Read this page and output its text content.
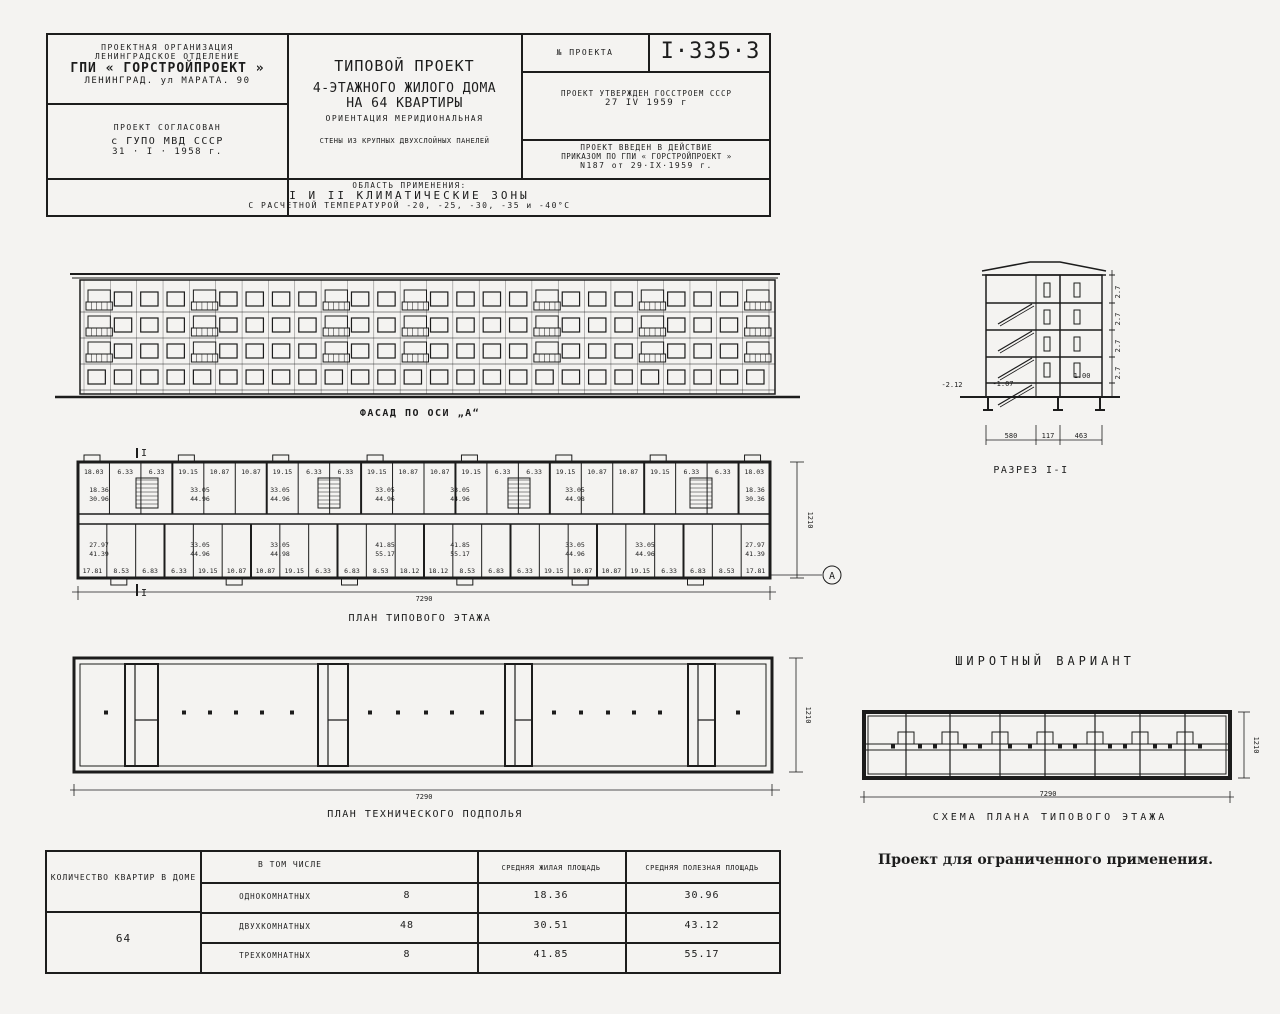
ПРОЕКТНАЯ ОРГАНИЗАЦИЯ
ЛЕНИНГРАДСКОЕ ОТДЕЛЕНИЕ
ГПИ « ГОРСТРОЙПРОЕКТ »
ЛЕНИНГРАД. ул МАРАТА. 90
ПРОЕКТ СОГЛАСОВАН
с ГУПО МВД СССР
31 · I · 1958 г.
ТИПОВОЙ ПРОЕКТ
4-ЭТАЖНОГО ЖИЛОГО ДОМА
НА 64 КВАРТИРЫ
ОРИЕНТАЦИЯ МЕРИДИОНАЛЬНАЯ
СТЕНЫ ИЗ КРУПНЫХ ДВУХСЛОЙНЫХ ПАНЕЛЕЙ
№ ПРОЕКТА	I·335·3
ПРОЕКТ УТВЕРЖДЕН ГОССТРОЕМ СССР
27 IV 1959 г
ПРОЕКТ ВВЕДЕН В ДЕЙСТВИЕ
ПРИКАЗОМ ПО ГПИ « ГОРСТРОЙПРОЕКТ »
N187 от 29·IX·1959 г.
ОБЛАСТЬ ПРИМЕНЕНИЯ:
I И II КЛИМАТИЧЕСКИЕ ЗОНЫ
С РАСЧЕТНОЙ ТЕМПЕРАТУРОЙ -20, -25, -30, -35 и -40°С
ФАСАД ПО ОСИ „А“
2.7
2.7
2.7
2.7
-1.07
1.00
-2.12
580	117	463
РАЗРЕЗ I-I
18.03 6.33 6.33 19.15 10.87 10.87 19.15 6.33 6.33 19.15 10.87 10.87 19.15 6.33 6.33 19.15 10.87 10.87 19.15 6.33 6.33 18.03
17.81 8.53 6.83 6.33 19.15 10.87 10.87 19.15 6.33 6.83 8.53 18.12 18.12 8.53 6.83 6.33 19.15 10.87 10.87 19.15 6.33 6.83 8.53 17.81
18.36
30.96
33.05
44.96
33.05
44.96
33.05
44.96
33.05
44.96
33.05
44.98
18.36
30.36
27.97
41.39
33.05
44.96
33.05
44.98
41.85
55.17
41.85
55.17
33.05
44.96
33.05
44.96
27.97
41.39
7290
1210
А
I
I
ПЛАН ТИПОВОГО ЭТАЖА
7290
1210
ПЛАН ТЕХНИЧЕСКОГО ПОДПОЛЬЯ
ШИРОТНЫЙ ВАРИАНТ
7290
1210
СХЕМА ПЛАНА ТИПОВОГО ЭТАЖА
Проект для ограниченного применения.
КОЛИЧЕСТВО КВАРТИР В ДОМЕ
В ТОМ ЧИСЛЕ	СРЕДНЯЯ ЖИЛАЯ ПЛОЩАДЬ	СРЕДНЯЯ ПОЛЕЗНАЯ ПЛОЩАДЬ
64
ОДНОКОМНАТНЫХ	8	18.36	30.96
ДВУХКОМНАТНЫХ	48	30.51	43.12
ТРЕХКОМНАТНЫХ	8	41.85	55.17
